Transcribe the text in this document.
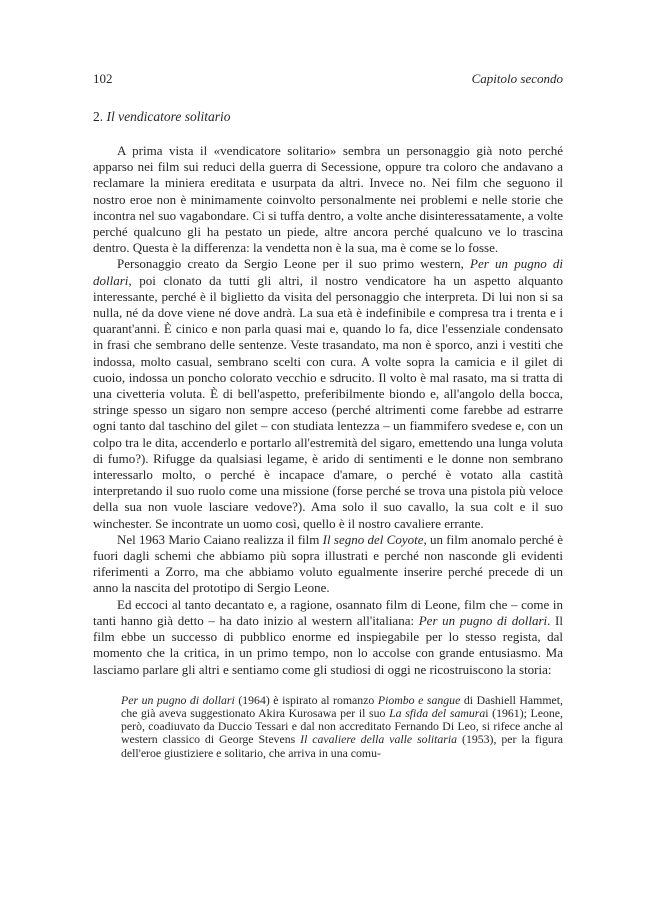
102	Capitolo secondo
2. Il vendicatore solitario

A prima vista il «vendicatore solitario» sembra un personaggio già noto perché apparso nei film sui reduci della guerra di Secessione, oppure tra coloro che andavano a reclamare la miniera ereditata e usurpata da altri. Invece no. Nei film che seguono il nostro eroe non è minimamente coinvolto personalmente nei problemi e nelle storie che incontra nel suo vagabondare. Ci si tuffa dentro, a volte anche disinteressatamente, a volte perché qualcuno gli ha pestato un piede, altre ancora perché qualcuno ve lo trascina dentro. Questa è la differenza: la vendetta non è la sua, ma è come se lo fosse.

Personaggio creato da Sergio Leone per il suo primo western, Per un pugno di dollari, poi clonato da tutti gli altri, il nostro vendicatore ha un aspetto alquanto interessante, perché è il biglietto da visita del personaggio che interpreta. Di lui non si sa nulla, né da dove viene né dove andrà. La sua età è indefinibile e compresa tra i trenta e i quarant'anni. È cinico e non parla quasi mai e, quando lo fa, dice l'essenziale condensato in frasi che sembrano delle sentenze. Veste trasandato, ma non è sporco, anzi i vestiti che indossa, molto casual, sembrano scelti con cura. A volte sopra la camicia e il gilet di cuoio, indossa un poncho colorato vecchio e sdrucito. Il volto è mal rasato, ma si tratta di una civetteria voluta. È di bell'aspetto, preferibilmente biondo e, all'angolo della bocca, stringe spesso un sigaro non sempre acceso (perché altrimenti come farebbe ad estrarre ogni tanto dal taschino del gilet – con studiata lentezza – un fiammifero svedese e, con un colpo tra le dita, accenderlo e portarlo all'estremità del sigaro, emettendo una lunga voluta di fumo?). Rifugge da qualsiasi legame, è arido di sentimenti e le donne non sembrano interessarlo molto, o perché è incapace d'amare, o perché è votato alla castità interpretando il suo ruolo come una missione (forse perché se trova una pistola più veloce della sua non vuole lasciare vedove?). Ama solo il suo cavallo, la sua colt e il suo winchester. Se incontrate un uomo così, quello è il nostro cavaliere errante.

Nel 1963 Mario Caiano realizza il film Il segno del Coyote, un film anomalo perché è fuori dagli schemi che abbiamo più sopra illustrati e perché non nasconde gli evidenti riferimenti a Zorro, ma che abbiamo voluto egualmente inserire perché precede di un anno la nascita del prototipo di Sergio Leone.

Ed eccoci al tanto decantato e, a ragione, osannato film di Leone, film che – come in tanti hanno già detto – ha dato inizio al western all'italiana: Per un pugno di dollari. Il film ebbe un successo di pubblico enorme ed inspiegabile per lo stesso regista, dal momento che la critica, in un primo tempo, non lo accolse con grande entusiasmo. Ma lasciamo parlare gli altri e sentiamo come gli studiosi di oggi ne ricostruiscono la storia:

Per un pugno di dollari (1964) è ispirato al romanzo Piombo e sangue di Dashiell Hammet, che già aveva suggestionato Akira Kurosawa per il suo La sfida del samurai (1961); Leone, però, coadiuvato da Duccio Tessari e dal non accreditato Fernando Di Leo, si rifece anche al western classico di George Stevens Il cavaliere della valle solitaria (1953), per la figura dell'eroe giustiziere e solitario, che arriva in una comu-
